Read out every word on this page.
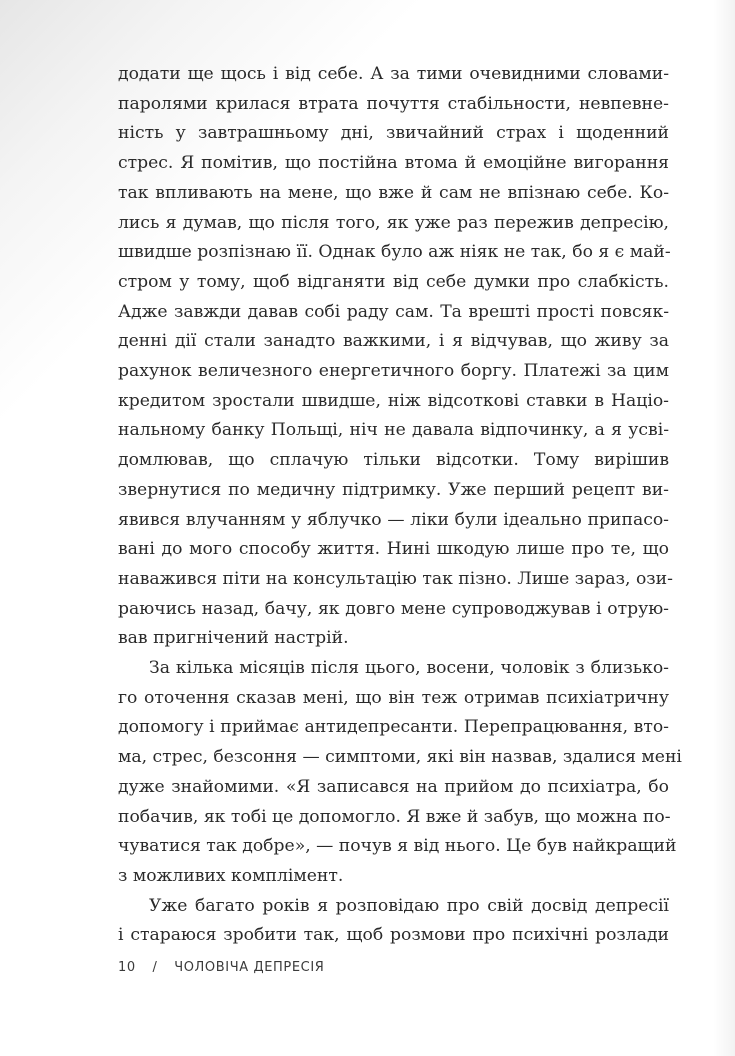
додати ще щось і від себе. А за тими очевидними словами-
паролями крилася втрата почуття стабільности, невпевне-
ність у завтрашньому дні, звичайний страх і щоденний
стрес. Я помітив, що постійна втома й емоційне вигорання
так впливають на мене, що вже й сам не впізнаю себе. Ко-
лись я думав, що після того, як уже раз пережив депресію,
швидше розпізнаю її. Однак було аж ніяк не так, бо я є май-
стром у тому, щоб відганяти від себе думки про слабкість.
Адже завжди давав собі раду сам. Та врешті прості повсяк-
денні дії стали занадто важкими, і я відчував, що живу за
рахунок величезного енергетичного боргу. Платежі за цим
кредитом зростали швидше, ніж відсоткові ставки в Націо-
нальному банку Польщі, ніч не давала відпочинку, а я усві-
домлював, що сплачую тільки відсотки. Тому вирішив
звернутися по медичну підтримку. Уже перший рецепт ви-
явився влучанням у яблучко — ліки були ідеально припасо-
вані до мого способу життя. Нині шкодую лише про те, що
наважився піти на консультацію так пізно. Лише зараз, ози-
раючись назад, бачу, як довго мене супроводжував і отрую-
вав пригнічений настрій.
За кілька місяців після цього, восени, чоловік з близько-
го оточення сказав мені, що він теж отримав психіатричну
допомогу і приймає антидепресанти. Перепрацювання, вто-
ма, стрес, безсоння — симптоми, які він назвав, здалися мені
дуже знайомими. «Я записався на прийом до психіатра, бо
побачив, як тобі це допомогло. Я вже й забув, що можна по-
чуватися так добре», — почув я від нього. Це був найкращий
з можливих комплімент.
Уже багато років я розповідаю про свій досвід депресії
і стараюся зробити так, щоб розмови про психічні розлади
10 / ЧОЛОВІЧА ДЕПРЕСІЯ
